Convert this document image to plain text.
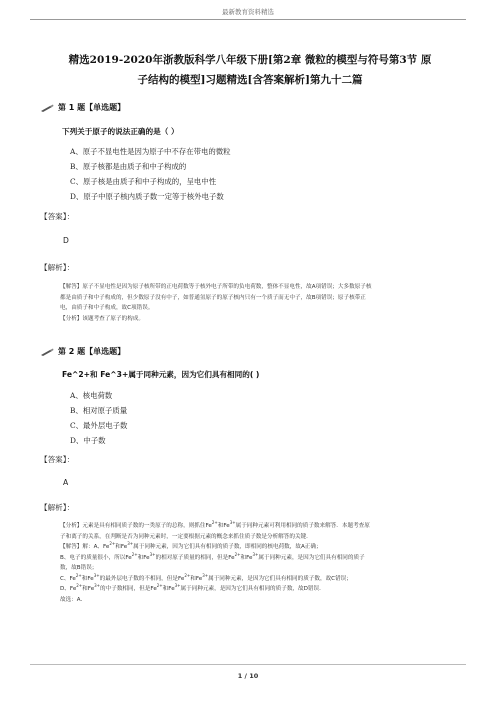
最新教育资料精选
精选2019-2020年浙教版科学八年级下册[第2章 微粒的模型与符号第3节 原
子结构的模型]习题精选[含答案解析]第九十二篇
第 1 题【单选题】
下列关于原子的说法正确的是（ ）
A、原子不显电性是因为原子中不存在带电的微粒
B、原子核都是由质子和中子构成的
C、原子核是由质子和中子构成的，呈电中性
D、原子中原子核内质子数一定等于核外电子数
【答案】：
D
【解析】：
【解答】原子不显电性是因为原子核所带的正电荷数等于核外电子所带的负电荷数，整体不显电性，故A项错误；大多数原子核
都是由质子和中子构成的，但少数原子没有中子，如普通氢原子的原子核内只有一个质子而无中子，故B项错误；原子核带正
电，由质子和中子构成，故C项错误。
【分析】该题考查了原子的构成。
第 2 题【单选题】
Fe^2+和 Fe^3+属于同种元素，因为它们具有相同的( )
A、核电荷数
B、相对原子质量
C、最外层电子数
D、中子数
【答案】：
A
【解析】：
【分析】元素是具有相同质子数的一类原子的总称，则抓住$Fe^{2+}$和$Fe^{3+}$属于同种元素可利用相同的质子数来解答．本题考查原
子和离子的关系，在判断是否为同种元素时，一定要根据元素的概念来抓住质子数是分析解答的关键．
【解答】解：A、$Fe^{2+}$和$Fe^{3+}$属于同种元素，因为它们具有相同的质子数，即相同的核电荷数，故A正确；
B、电子的质量很小，所以$Fe^{2+}$和$Fe^{3+}$的相对原子质量的相同，但是$Fe^{2+}$和$Fe^{3+}$属于同种元素，是因为它们具有相同的质子
数，故B错误；
C、$Fe^{2+}$和$Fe^{3+}$的最外层电子数的不相同，但是$Fe^{2+}$和$Fe^{3+}$属于同种元素，是因为它们具有相同的质子数，故C错误；
D、$Fe^{2+}$和$Fe^{3+}$的中子数相同，但是$Fe^{2+}$和$Fe^{3+}$属于同种元素，是因为它们具有相同的质子数，故D错误．
故选：A．
1 / 10
